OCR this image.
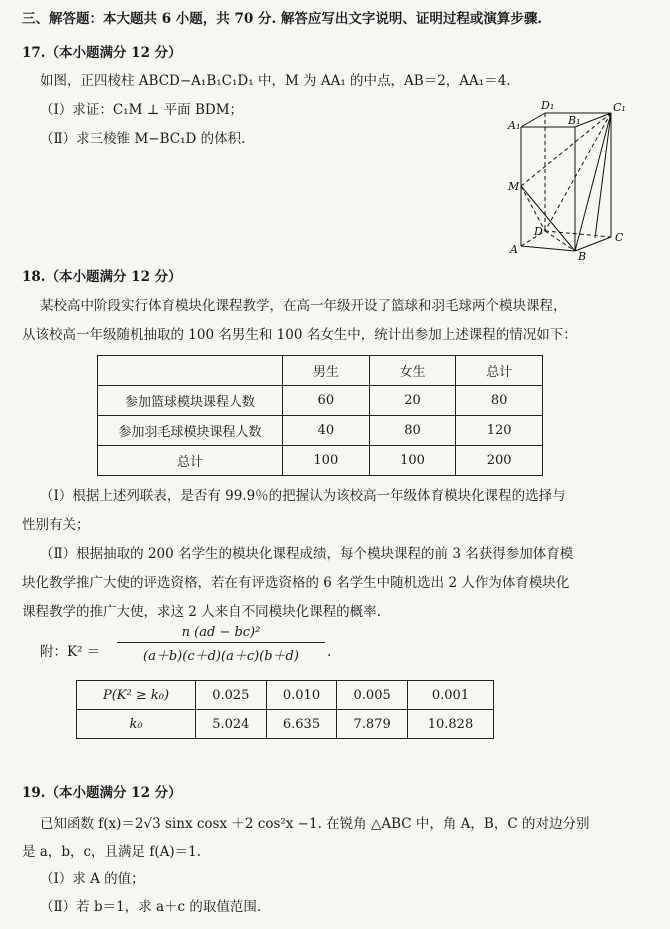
三、解答题：本大题共 6 小题，共 70 分. 解答应写出文字说明、证明过程或演算步骤.
17.（本小题满分 12 分）
如图，正四棱柱 ABCD−A₁B₁C₁D₁ 中，M 为 AA₁ 的中点，AB＝2，AA₁＝4.
（Ⅰ）求证：C₁M ⊥ 平面 BDM；
（Ⅱ）求三棱锥 M−BC₁D 的体积.
D₁	C₁
A₁	B₁
M
D	C
A
B
18.（本小题满分 12 分）
某校高中阶段实行体育模块化课程教学，在高一年级开设了篮球和羽毛球两个模块课程，
从该校高一年级随机抽取的 100 名男生和 100 名女生中，统计出参加上述课程的情况如下：
	男生	女生	总计
参加篮球模块课程人数	60	20	80
参加羽毛球模块课程人数	40	80	120
总计	100	100	200
（Ⅰ）根据上述列联表，是否有 99.9％的把握认为该校高一年级体育模块化课程的选择与
性别有关；
（Ⅱ）根据抽取的 200 名学生的模块化课程成绩，每个模块课程的前 3 名获得参加体育模
块化教学推广大使的评选资格，若在有评选资格的 6 名学生中随机选出 2 人作为体育模块化
课程教学的推广大使，求这 2 人来自不同模块化课程的概率.
附：$K^2 = \frac{\text{n (ad − bc)²}}{(a+b)(c+d)(a+c)(b+d)}$ .
P(K² ≥ k₀)	0.025	0.010	0.005	0.001
k₀	5.024	6.635	7.879	10.828
19.（本小题满分 12 分）
已知函数 f(x)＝2√3 sinx cosx ＋2 cos²x −1. 在锐角 △ABC 中，角 A，B，C 的对边分别
是 a，b，c，且满足 f(A)＝1.
（Ⅰ）求 A 的值；
（Ⅱ）若 b＝1，求 a＋c 的取值范围.
